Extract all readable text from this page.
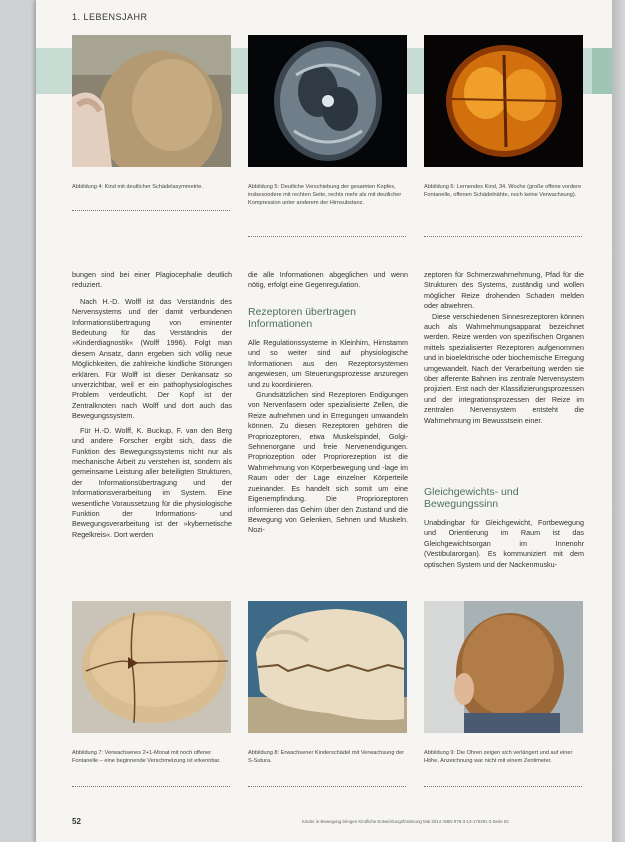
1. LEBENSJAHR
Abbildung 4: Kind mit deutlicher Schädelasymmetrie.	Abbildung 5: Deutliche Verschiebung der gesamten Kopfes, insbesondere mit rechten Seite, rechts mehr als mit deutlicher Kompression unter anderem der Hirnsubstanz.
Abbildung 6: Lernendes Kind, 34. Woche (große offene vordere Fontanelle, offenen Schädelnähte, noch keine Verwachsung).

bungen sind bei einer Plagiocephalie deutlich reduziert.

Nach H.-D. Wolff ist das Verständnis des Nervensystems und der damit verbundenen Informationsübertragung von eminenter Bedeutung für das Verständnis der »Kinderdiagnostik« (Wolff 1996). Folgt man diesem Ansatz, dann ergeben sich völlig neue Möglichkeiten, die zahlreiche kindliche Störungen erklären. Für Wolff ist dieser Denkansatz so unverzichtbar, weil er ein pathophysiologisches Problem verdeutlicht. Der Kopf ist der Zentralknoten nach Wolff und dort auch das Bewegungssystem.

Für H.-D. Wolff, K. Buckup, F. van den Berg und andere Forscher ergibt sich, dass die Funktion des Bewegungssystems nicht nur als mechanische Arbeit zu verstehen ist, sondern als gemeinsame Leistung aller beteiligten Strukturen, der Informationsübertragung und der Informationsverarbeitung im System. Eine wesentliche Voraussetzung für die physiologische Funktion der Informations- und Bewegungsverarbeitung ist der »kybernetische Regelkreis«. Dort werden

die alle Informationen abgeglichen und wenn nötig, erfolgt eine Gegenregulation.

Rezeptoren übertragen Informationen

Alle Regulationssysteme in Kleinhirn, Hirnstamm und so weiter sind auf physiologische Informationen aus den Rezeptorsystemen angewiesen, um Steuerungsprozesse anzuregen und zu koordinieren.

Grundsätzlichen sind Rezeptoren Endigungen von Nervenfasern oder spezialisierte Zellen, die Reize aufnehmen und in Erregungen umwandeln können. Zu diesen Rezeptoren gehören die Propriozeptoren, etwa Muskelspindel, Golgi-Sehnenorgane und freie Nervenendigungen. Propriozeption oder Propriorezeption ist die Wahrnehmung von Körperbewegung und -lage im Raum oder der Lage einzelner Körperteile zueinander. Es handelt sich somit um eine Eigenempfindung. Die Propriozeptoren informieren das Gehirn über den Zustand und die Bewegung von Gelenken, Sehnen und Muskeln. Nozi-

zeptoren für Schmerzwahrnehmung, Pfad für die Strukturen des Systems, zuständig und wollen möglicher Reize drohenden Schaden melden oder abwehren.

Diese verschiedenen Sinnesrezeptoren können auch als Wahrnehmungsapparat bezeichnet werden. Reize werden von spezifischen Organen mittels spezialisierter Rezeptoren aufgenommen und in bioelektrische oder biochemische Erregung umgewandelt. Nach der Verarbeitung werden sie über afferente Bahnen ins zentrale Nervensystem projiziert. Erst nach der Klassifizierungsprozessen und der integrationsprozessen der Reize im zentralen Nervensystem entsteht die Wahrnehmung im Bewusstsein einer.

Gleichgewichts- und Bewegungssinn

Unabdingbar für Gleichgewicht, Fortbewegung und Orientierung im Raum ist das Gleichgewichtsorgan im Innenohr (Vestibularorgan). Es kommuniziert mit dem optischen System und der Nackenmusku-

Abbildung 7: Verwachsenes 2+1-Monat mit noch offener Fontanelle – eine beginnende Verschmelzung ist erkennbar.
Abbildung 8: Erwachsener Kinderschädel mit Verwachsung der S-Sutura.
Abbildung 9: Die Ohren zeigen sich verlängert und auf einer Höhe, Anzeichnung war nicht mit einem Zentimeter.
52	Kinder in Bewegung bringen Kindliche Entwicklungsförderung Mai 2014 ISBN 978-3-13-176391-3 Seite 52
